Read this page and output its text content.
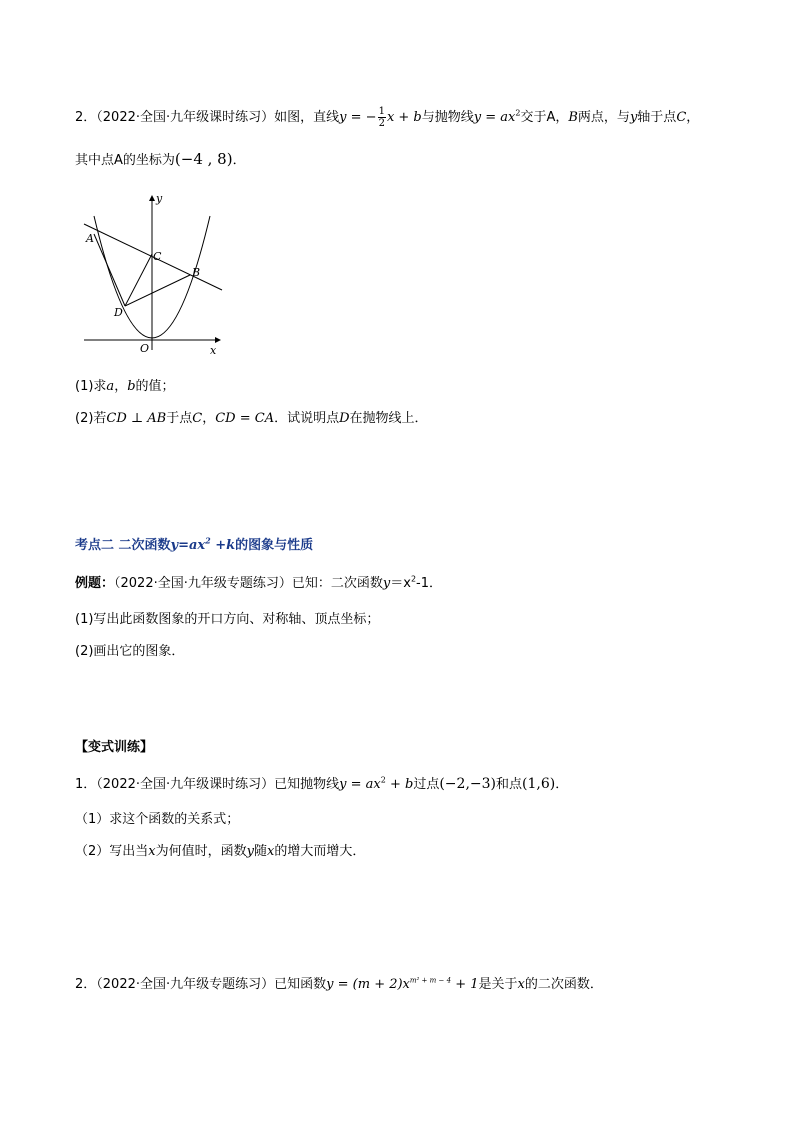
2．（2022·全国·九年级课时练习）如图，直线y = − $\frac{1}{2}$ x + b与抛物线$y = ax^2$交于A，B两点，与y轴于点C，
其中点A的坐标为(−4 , 8)．
y
x
A
B
C
D
O
(1)求a，b的值；
(2)若CD ⊥ AB于点C，CD = CA．试说明点D在抛物线上．
考点二 二次函数$y=ax^2 +k$的图象与性质
例题：（2022·全国·九年级专题练习）已知：二次函数$y=x^2-1$．
(1)写出此函数图象的开口方向、对称轴、顶点坐标；
(2)画出它的图象．
【变式训练】
1．（2022·全国·九年级课时练习）已知抛物线$y = ax^2 + b$过点(−2,−3)和点(1,6)．
（1）求这个函数的关系式；
（2）写出当x为何值时，函数y随x的增大而增大．
2．（2022·全国·九年级专题练习）已知函数$y = (m + 2)x^{m^2 + m - 4} + 1$是关于x的二次函数．
